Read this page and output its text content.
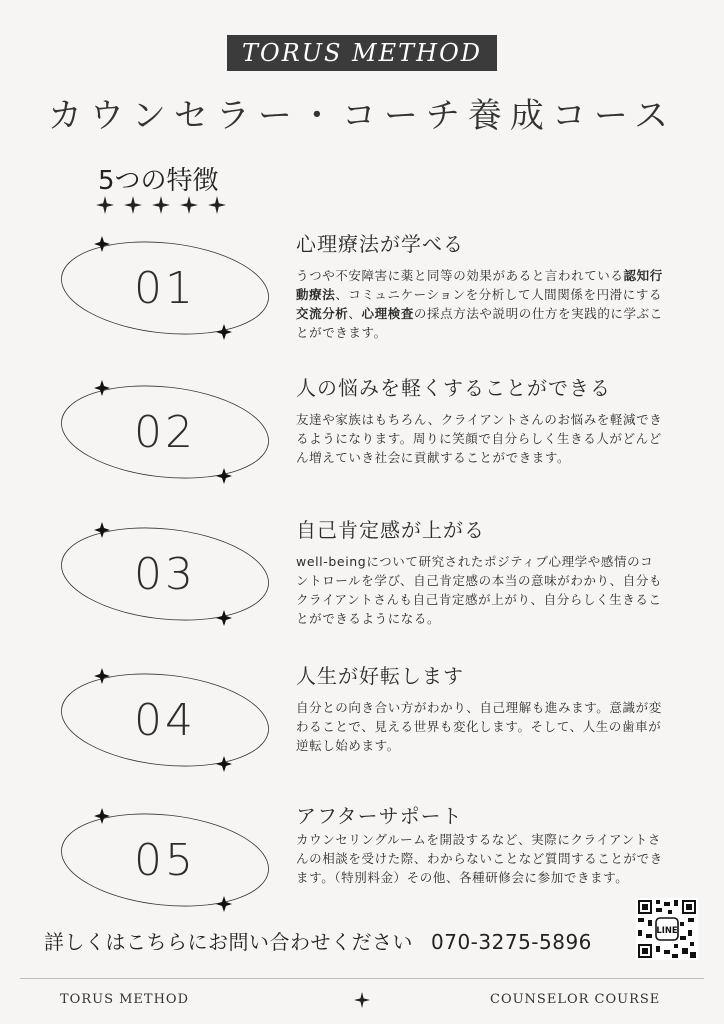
TORUS METHOD
カウンセラー・コーチ養成コース
5つの特徴
01
心理療法が学べる
うつや不安障害に薬と同等の効果があると言われている認知行動療法、コミュニケーションを分析して人間関係を円滑にする交流分析、心理検査の採点方法や説明の仕方を実践的に学ぶことができます。
02
人の悩みを軽くすることができる
友達や家族はもちろん、クライアントさんのお悩みを軽減できるようになります。周りに笑顔で自分らしく生きる人がどんどん増えていき社会に貢献することができます。
03
自己肯定感が上がる
well-beingについて研究されたポジティブ心理学や感情のコントロールを学び、自己肯定感の本当の意味がわかり、自分もクライアントさんも自己肯定感が上がり、自分らしく生きることができるようになる。
04
人生が好転します
自分との向き合い方がわかり、自己理解も進みます。意識が変わることで、見える世界も変化します。そして、人生の歯車が逆転し始めます。
05
アフターサポート
カウンセリングルームを開設するなど、実際にクライアントさんの相談を受けた際、わからないことなど質問することができます。（特別料金）その他、各種研修会に参加できます。
詳しくはこちらにお問い合わせください 070-3275-5896	LINE
TORUS METHOD	COUNSELOR COURSE
